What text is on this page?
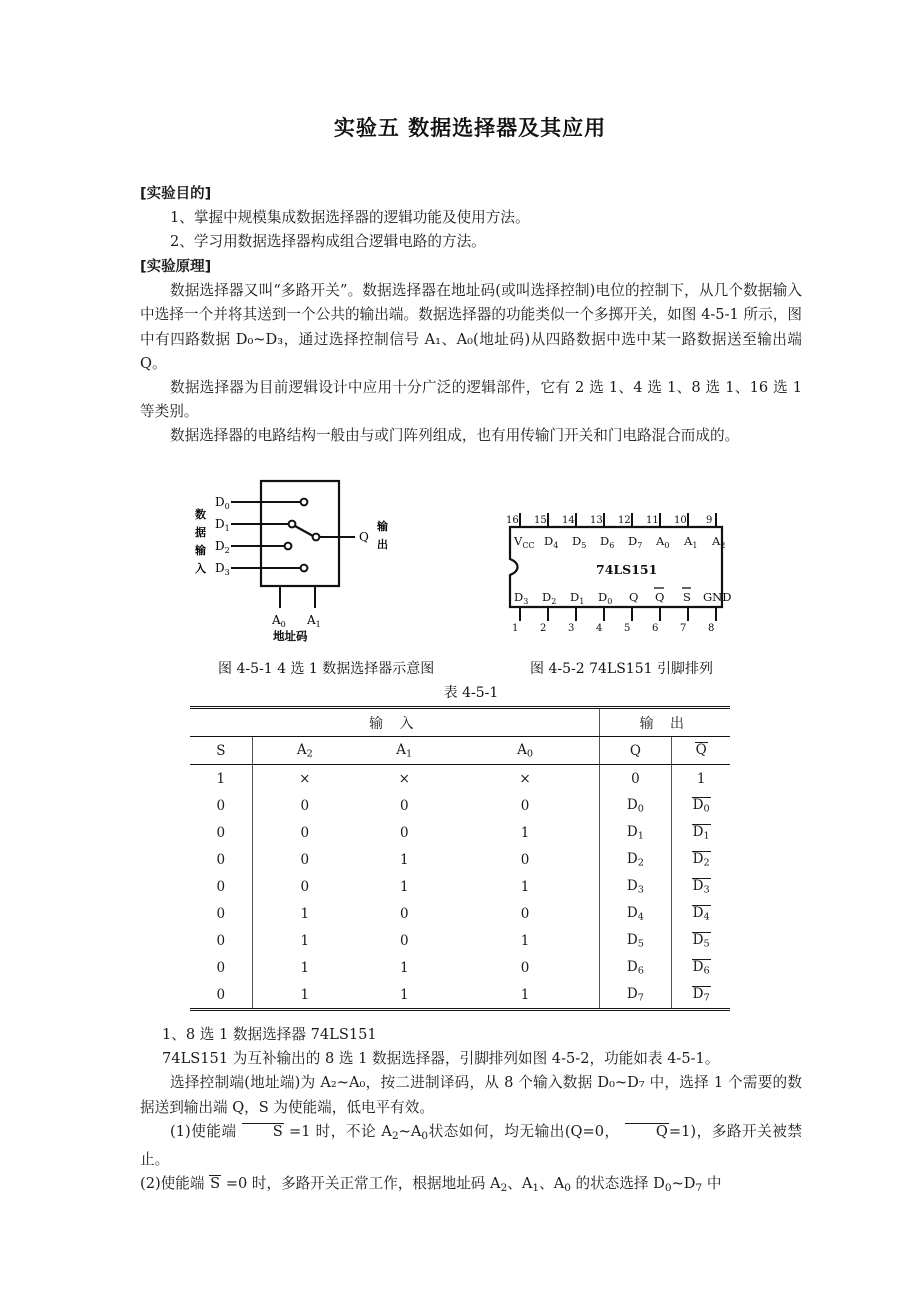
实验五 数据选择器及其应用
[实验目的]
1、掌握中规模集成数据选择器的逻辑功能及使用方法。
2、学习用数据选择器构成组合逻辑电路的方法。
[实验原理]
数据选择器又叫“多路开关”。数据选择器在地址码(或叫选择控制)电位的控制下，从几个数据输入中选择一个并将其送到一个公共的输出端。数据选择器的功能类似一个多掷开关，如图 4-5-1 所示，图中有四路数据 D₀~D₃，通过选择控制信号 A₁、A₀(地址码)从四路数据中选中某一路数据送至输出端 Q。
数据选择器为目前逻辑设计中应用十分广泛的逻辑部件，它有 2 选 1、4 选 1、8 选 1、16 选 1 等类别。
数据选择器的电路结构一般由与或门阵列组成，也有用传输门开关和门电路混合而成的。
数
据
输
入
$D_0$
$D_1$
$D_2$
$D_3$
Q
输
出
$A_0$ $A_1$
地址码
16 15 14 13 12 11 10 9
$V_{CC}$ $D_4$ $D_5$ $D_6$ $D_7$ $A_0$ $A_1$ $A_2$
74LS151
$D_3$ $D_2$ $D_1$ $D_0$ Q Q S GND
1 2 3 4 5 6 7 8
图 4-5-1 4 选 1 数据选择器示意图	图 4-5-2 74LS151 引脚排列
表 4-5-1
输 入				输 出	
S	$A_2$	$A_1$	$A_0$	Q	Q
1	×	×	×	0	1
0	0	0	0	$D_0$	$D_0$
0	0	0	1	$D_1$	$D_1$
0	0	1	0	$D_2$	$D_2$
0	0	1	1	$D_3$	$D_3$
0	1	0	0	$D_4$	$D_4$
0	1	0	1	$D_5$	$D_5$
0	1	1	0	$D_6$	$D_6$
0	1	1	1	$D_7$	$D_7$
1、8 选 1 数据选择器 74LS151
74LS151 为互补输出的 8 选 1 数据选择器，引脚排列如图 4-5-2，功能如表 4-5-1。
选择控制端(地址端)为 A₂~A₀，按二进制译码，从 8 个输入数据 D₀~D₇ 中，选择 1 个需要的数据送到输出端 Q，S 为使能端，低电平有效。
(1)使能端 S =1 时，不论 $A_2\sim A_0$状态如何，均无输出(Q=0， Q=1)，多路开关被禁止。
(2)使能端 S =0 时，多路开关正常工作，根据地址码 $A_2$、$A_1$、$A_0$ 的状态选择 $D_0\sim D_7$ 中
